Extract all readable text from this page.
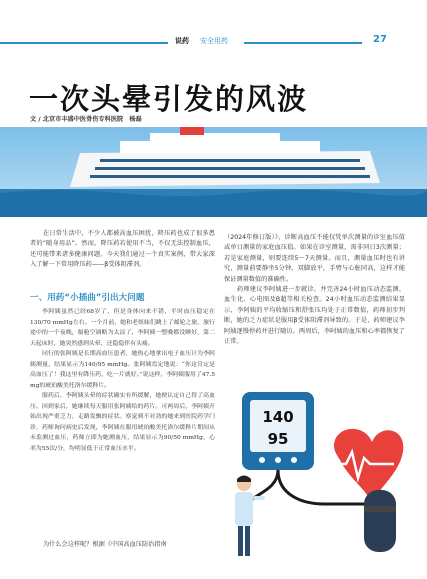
说药 安全用药	27
一次头晕引发的风波
文 / 北京市丰盛中医骨伤专科医院　杨磊

在日常生活中，不少人都被高血压困扰，降压药也成了很多患者的“随身用品”。然而，降压药若使用不当，不仅无法控制血压，还可能带来诸多健康问题。今天我们通过一个真实案例，带大家深入了解一下常用降压药——β受体阻滞剂。

一、用药“小插曲”引出大问题

李阿姨虽然已经68岁了，但是身体向来不错，平时血压稳定在130/70 mmHg左右。一个月前，她和老姐妹们跳上了邮轮之旅，旅行途中的一个夜晚，船舱空调略为太凉了，李阿姨一整晚都没睡好，第二天起床时，她突然感到头晕，还隐隐伴有头痛。

同行的张阿姨是长期高血压患者，她热心地拿出电子血压计为李阿姨测量，结果显示为140/95 mmHg。张阿姨焉定地说：“你这肯定是高血压了！我这里有降压药，吃一片就好。”说这样，李阿姨服用了47.5 mg的琥珀酸美托洛尔缓释片。

服药后，李阿姨头晕的症状确实有所缓解，她便认定自己得了高血压。回到家后，她继续每天服用张阿姨给的药片。可两周后，李阿姨开始出现严重乏力、走路发飘的症状。察觉到不对劲的她来到医院药学门诊，药师询问病史后发现，李阿姨在服用琥珀酸美托洛尔缓释片期间从未监测过血压，药师立即为她测血压，结果显示为90/50 mmHg，心率为55次/分，均明显低于正常血压水平。

为什么会这样呢？根据《中国高血压防治指南

（2024年修订版）》，诊断高血压不能仅凭单次测量的诊室血压值或单日测量的家庭血压值。如果在诊室测量，需非同日3次测量；若是家庭测量，则要连续5～7天测量。而且，测量血压时也有讲究，测量前要静坐5分钟，双脚放平，手臂与心脏同高，这样才能保证测量数值的准确性。

药师建议李阿姨进一步就诊，并完善24小时血压动态监测、血生化、心电图及B超等相关检查。24小时血压动态监测结果显示，李阿姨的平均收缩压和舒张压均处于正常数值，药师初步判断，她的乏力症状是服用β受体阻滞剂导致的。于是，药师建议李阿姨逐慢停药并进行随访。两周后，李阿姨的血压和心率都恢复了正常。

140
95
